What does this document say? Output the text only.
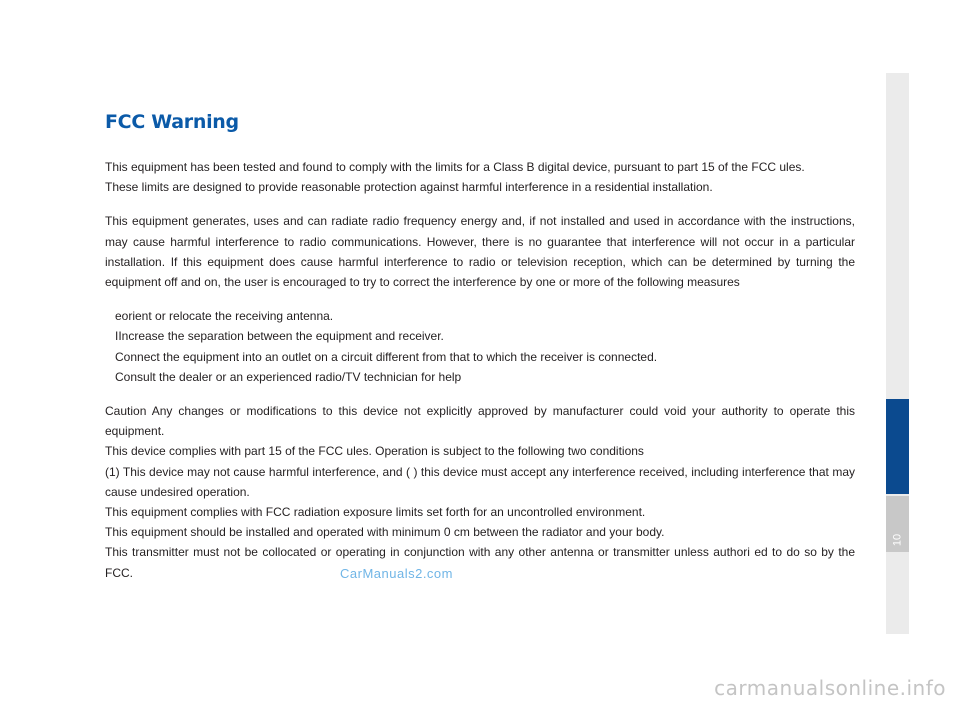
FCC Warning

This equipment has been tested and found to comply with the limits for a Class B digital device, pursuant to part 15 of the FCC ules.

These limits are designed to provide reasonable protection against harmful interference in a residential installation.

This equipment generates, uses and can radiate radio frequency energy and, if not installed and used in accordance with the instructions, may cause harmful interference to radio communications. However, there is no guarantee that interference will not occur in a particular installation. If this equipment does cause harmful interference to radio or television reception, which can be determined by turning the equipment off and on, the user is encouraged to try to correct the interference by one or more of the following measures

eorient or relocate the receiving antenna.

IIncrease the separation between the equipment and receiver.

Connect the equipment into an outlet on a circuit different from that to which the receiver is connected.

Consult the dealer or an experienced radio/TV technician for help

Caution Any changes or modifications to this device not explicitly approved by manufacturer could void your authority to operate this equipment.

This device complies with part 15 of the FCC ules. Operation is subject to the following two conditions

(1) This device may not cause harmful interference, and ( ) this device must accept any interference received, including interference that may cause undesired operation.

This equipment complies with FCC radiation exposure limits set forth for an uncontrolled environment.

This equipment should be installed and operated with minimum 0 cm between the radiator and your body.

This transmitter must not be collocated or operating in conjunction with any other antenna or transmitter unless authori ed to do so by the FCC.	CarManuals2.com
10
carmanualsonline.info
